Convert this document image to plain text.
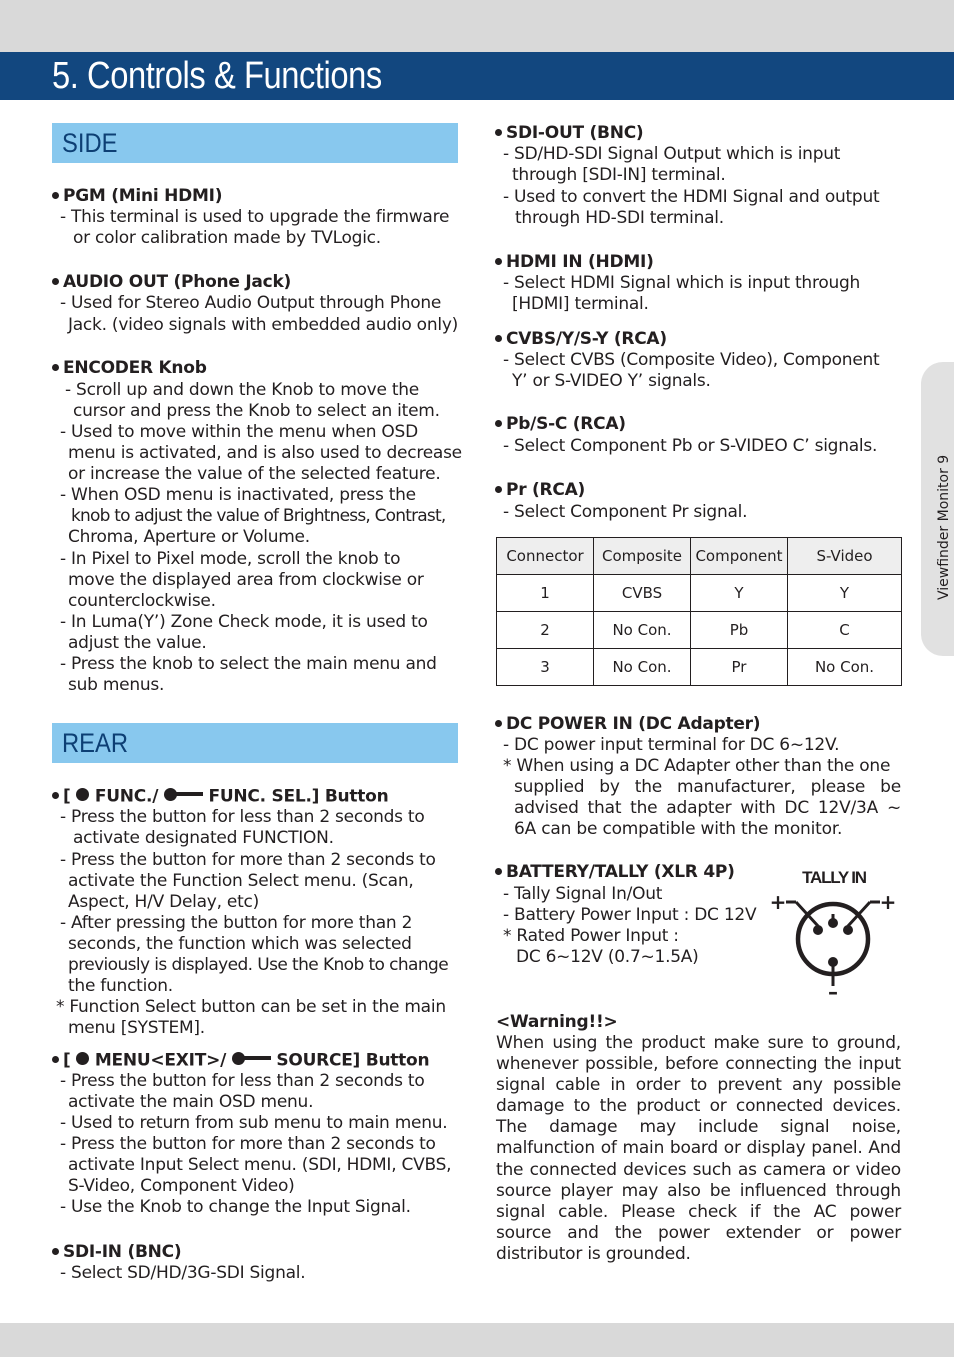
5. Controls & Functions
Viewfinder Monitor 9
SIDE
PGM (Mini HDMI)
- This terminal is used to upgrade the firmware
or color calibration made by TVLogic.
AUDIO OUT (Phone Jack)
- Used for Stereo Audio Output through Phone
Jack. (video signals with embedded audio only)
ENCODER Knob
- Scroll up and down the Knob to move the
cursor and press the Knob to select an item.
- Used to move within the menu when OSD
menu is activated, and is also used to decrease
or increase the value of the selected feature.
- When OSD menu is inactivated, press the
knob to adjust the value of Brightness, Contrast,
Chroma, Aperture or Volume.
- In Pixel to Pixel mode, scroll the knob to
move the displayed area from clockwise or
counterclockwise.
- In Luma(Y’) Zone Check mode, it is used to
adjust the value.
- Press the knob to select the main menu and
sub menus.
REAR
[ FUNC./	FUNC. SEL.] Button
- Press the button for less than 2 seconds to
activate designated FUNCTION.
- Press the button for more than 2 seconds to
activate the Function Select menu. (Scan,
Aspect, H/V Delay, etc)
- After pressing the button for more than 2
seconds, the function which was selected
previously is displayed. Use the Knob to change
the function.
* Function Select button can be set in the main
menu [SYSTEM].
[ MENU<EXIT>/	SOURCE] Button
- Press the button for less than 2 seconds to
activate the main OSD menu.
- Used to return from sub menu to main menu.
- Press the button for more than 2 seconds to
activate Input Select menu. (SDI, HDMI, CVBS,
S-Video, Component Video)
- Use the Knob to change the Input Signal.
SDI-IN (BNC)
- Select SD/HD/3G-SDI Signal.
SDI-OUT (BNC)
- SD/HD-SDI Signal Output which is input
through [SDI-IN] terminal.
- Used to convert the HDMI Signal and output
through HD-SDI terminal.
HDMI IN (HDMI)
- Select HDMI Signal which is input through
[HDMI] terminal.
CVBS/Y/S-Y (RCA)
- Select CVBS (Composite Video), Component
Y’ or S-VIDEO Y’ signals.
Pb/S-C (RCA)
- Select Component Pb or S-VIDEO C’ signals.
Pr (RCA)
- Select Component Pr signal.
Connector	Composite	Component	S-Video
1	CVBS	Y	Y
2	No Con.	Pb	C
3	No Con.	Pr	No Con.
DC POWER IN (DC Adapter)
- DC power input terminal for DC 6~12V.
* When using a DC Adapter other than the one
supplied by the manufacturer, please be advised that the adapter with DC 12V/3A ~ 6A can be compatible with the monitor.
BATTERY/TALLY (XLR 4P)
- Tally Signal In/Out
- Battery Power Input : DC 12V
* Rated Power Input :
DC 6~12V (0.7~1.5A)
TALLY IN
+	+
–
<Warning!!>
When using the product make sure to ground, whenever possible, before connecting the input signal cable in order to prevent any possible damage to the product or connected devices. The damage may include signal noise, malfunction of main board or display panel. And the connected devices such as camera or video source player may also be influenced through signal cable. Please check if the AC power source and the power extender or power distributor is grounded.
